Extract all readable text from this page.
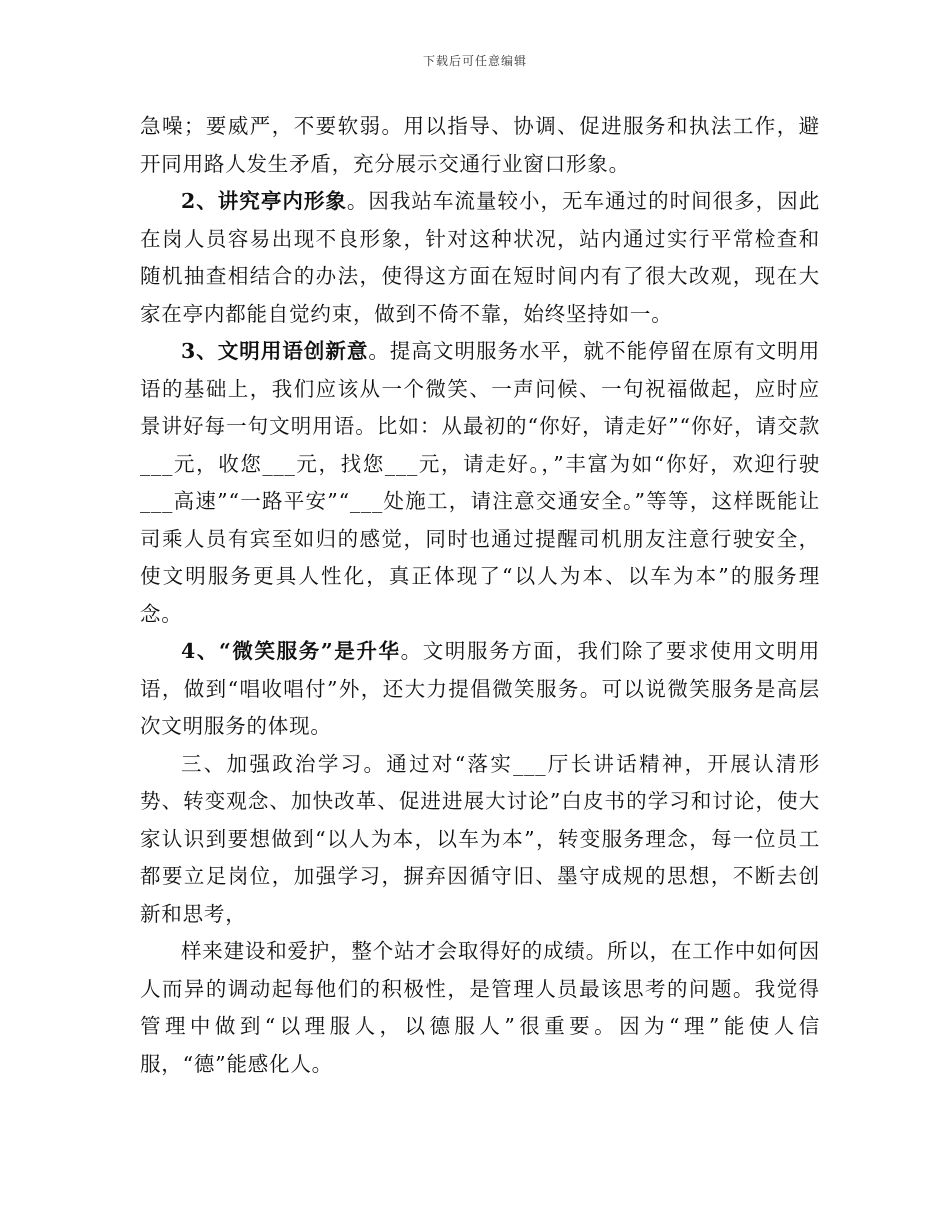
下载后可任意编辑

急噪；要威严，不要软弱。用以指导、协调、促进服务和执法工作，避开同用路人发生矛盾，充分展示交通行业窗口形象。

2、讲究亭内形象。因我站车流量较小，无车通过的时间很多，因此在岗人员容易出现不良形象，针对这种状况，站内通过实行平常检查和随机抽查相结合的办法，使得这方面在短时间内有了很大改观，现在大家在亭内都能自觉约束，做到不倚不靠，始终坚持如一。

3、文明用语创新意。提高文明服务水平，就不能停留在原有文明用语的基础上，我们应该从一个微笑、一声问候、一句祝福做起，应时应景讲好每一句文明用语。比如：从最初的“你好，请走好”“你好，请交款___元，收您___元，找您___元，请走好。，”丰富为如“你好，欢迎行驶___高速”“一路平安”“___处施工，请注意交通安全。”等等，这样既能让司乘人员有宾至如归的感觉，同时也通过提醒司机朋友注意行驶安全，使文明服务更具人性化，真正体现了“以人为本、以车为本”的服务理念。

4、“微笑服务”是升华。文明服务方面，我们除了要求使用文明用语，做到“唱收唱付”外，还大力提倡微笑服务。可以说微笑服务是高层次文明服务的体现。

三、加强政治学习。通过对“落实___厅长讲话精神，开展认清形势、转变观念、加快改革、促进进展大讨论”白皮书的学习和讨论，使大家认识到要想做到“以人为本，以车为本”，转变服务理念，每一位员工都要立足岗位，加强学习，摒弃因循守旧、墨守成规的思想，不断去创新和思考，

样来建设和爱护，整个站才会取得好的成绩。所以，在工作中如何因人而异的调动起每他们的积极性，是管理人员最该思考的问题。我觉得管理中做到“以理服人，以德服人”很重要。因为“理”能使人信服，“德”能感化人。
